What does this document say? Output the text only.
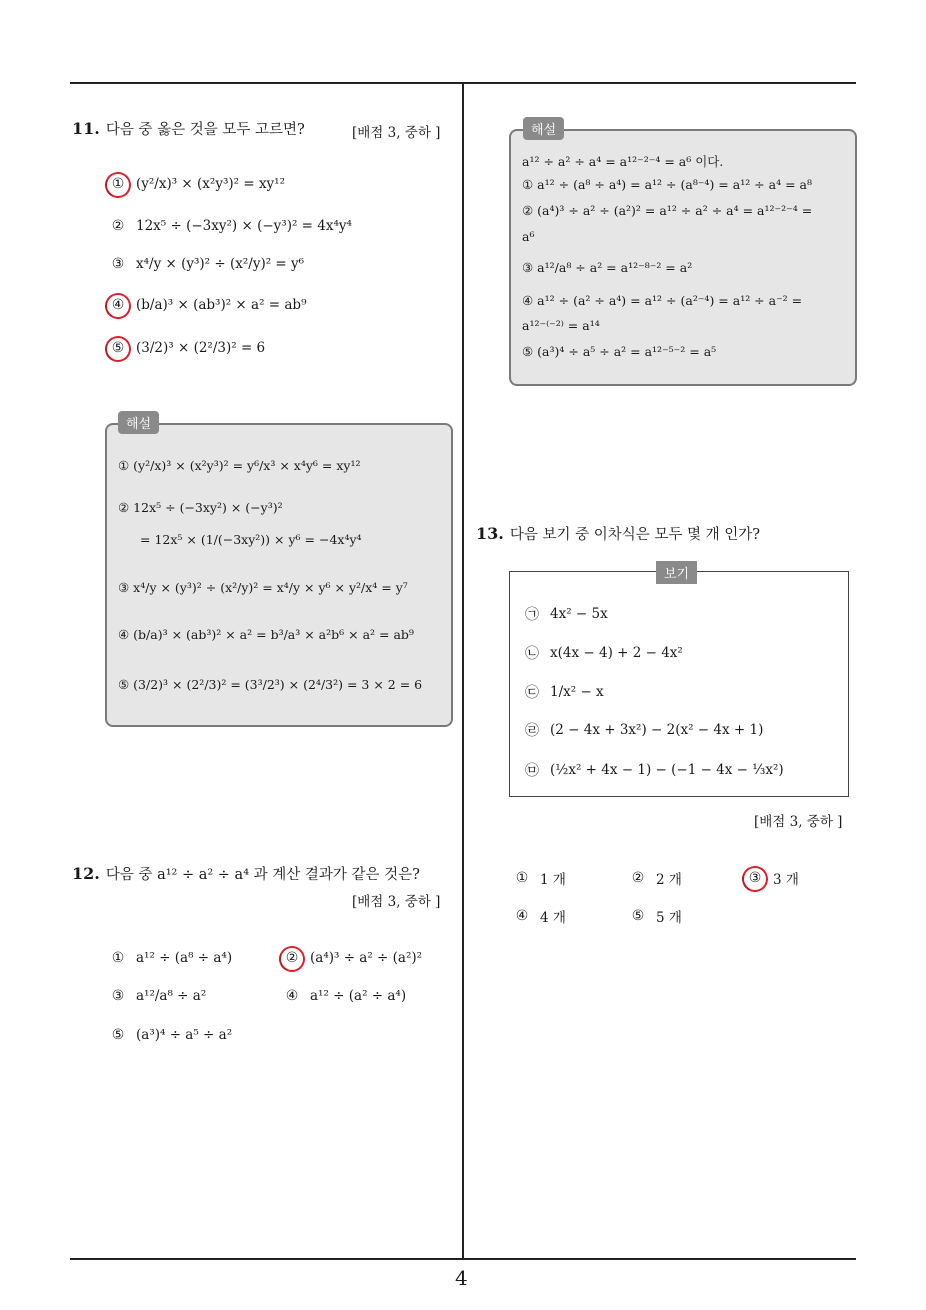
4
11. 다음 중 옳은 것을 모두 고르면?	[배점 3, 중하 ]
① (y²/x)³ × (x²y³)² = xy¹²
② 12x⁵ ÷ (−3xy²) × (−y³)² = 4x⁴y⁴
③ x⁴/y × (y³)² ÷ (x²/y)² = y⁶
④ (b/a)³ × (ab³)² × a² = ab⁹
⑤ (3/2)³ × (2²/3)² = 6
해설
① (y²/x)³ × (x²y³)² = y⁶/x³ × x⁴y⁶ = xy¹²
② 12x⁵ ÷ (−3xy²) × (−y³)²
= 12x⁵ × (1/(−3xy²)) × y⁶ = −4x⁴y⁴
③ x⁴/y × (y³)² ÷ (x²/y)² = x⁴/y × y⁶ × y²/x⁴ = y⁷
④ (b/a)³ × (ab³)² × a² = b³/a³ × a²b⁶ × a² = ab⁹
⑤ (3/2)³ × (2²/3)² = (3³/2³) × (2⁴/3²) = 3 × 2 = 6
12. 다음 중 a¹² ÷ a² ÷ a⁴ 과 계산 결과가 같은 것은?
[배점 3, 중하 ]
① a¹² ÷ (a⁸ ÷ a⁴)	② (a⁴)³ ÷ a² ÷ (a²)²
③ a¹²/a⁸ ÷ a²	④ a¹² ÷ (a² ÷ a⁴)
⑤ (a³)⁴ ÷ a⁵ ÷ a²
해설
a¹² ÷ a² ÷ a⁴ = a¹²⁻²⁻⁴ = a⁶ 이다.
① a¹² ÷ (a⁸ ÷ a⁴) = a¹² ÷ (a⁸⁻⁴) = a¹² ÷ a⁴ = a⁸
② (a⁴)³ ÷ a² ÷ (a²)² = a¹² ÷ a² ÷ a⁴ = a¹²⁻²⁻⁴ =
a⁶
③ a¹²/a⁸ ÷ a² = a¹²⁻⁸⁻² = a²
④ a¹² ÷ (a² ÷ a⁴) = a¹² ÷ (a²⁻⁴) = a¹² ÷ a⁻² =
a¹²⁻⁽⁻²⁾ = a¹⁴
⑤ (a³)⁴ ÷ a⁵ ÷ a² = a¹²⁻⁵⁻² = a⁵
13. 다음 보기 중 이차식은 모두 몇 개 인가?
보기
㉠ 4x² − 5x
㉡ x(4x − 4) + 2 − 4x²
㉢ 1/x² − x
㉣ (2 − 4x + 3x²) − 2(x² − 4x + 1)
㉤ (½x² + 4x − 1) − (−1 − 4x − ⅓x²)
[배점 3, 중하 ]
① 1 개	② 2 개	③ 3 개
④ 4 개	⑤ 5 개
